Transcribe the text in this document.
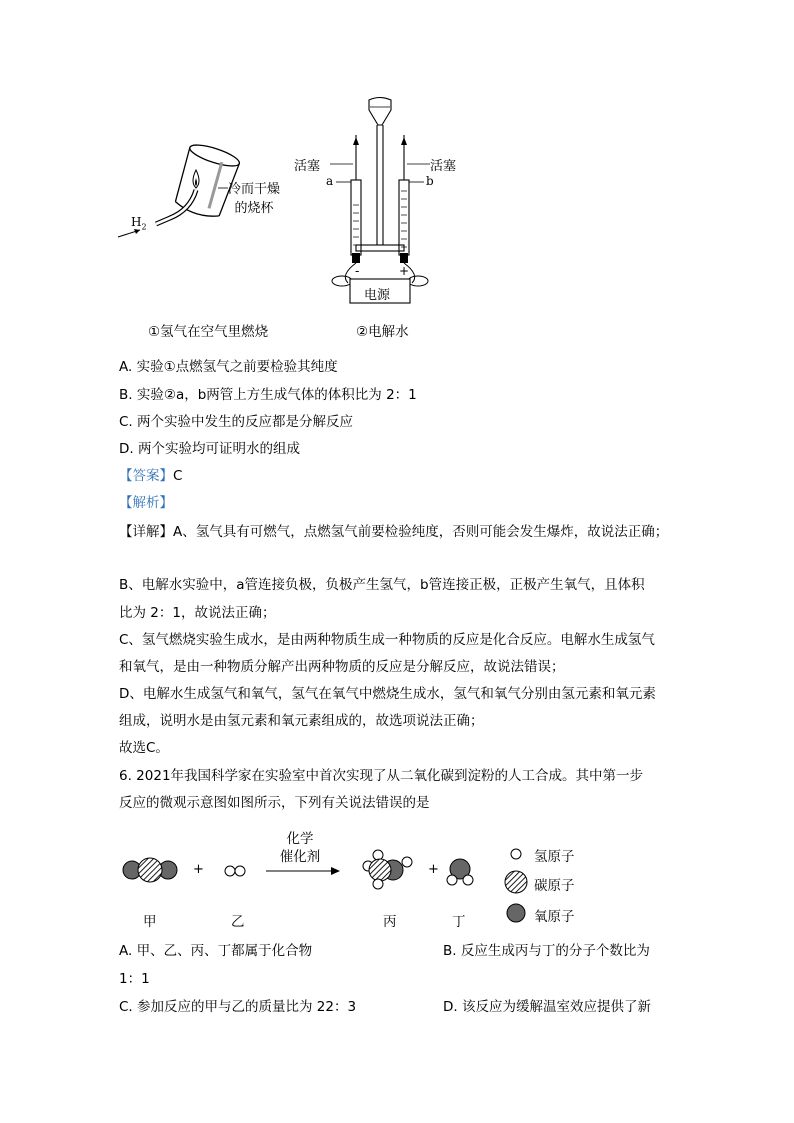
冷而干燥
的烧杯
$H_2$
①氢气在空气里燃烧
活塞	活塞
a	b
-	+
电源
②电解水
A. 实验①点燃氢气之前要检验其纯度
B. 实验②a，b两管上方生成气体的体积比为 2：1
C. 两个实验中发生的反应都是分解反应
D. 两个实验均可证明水的组成
【答案】C
【解析】
【详解】A、氢气具有可燃气，点燃氢气前要检验纯度，否则可能会发生爆炸，故说法正确；
B、电解水实验中，a管连接负极，负极产生氢气，b管连接正极，正极产生氧气，且体积
比为 2：1，故说法正确；
C、氢气燃烧实验生成水，是由两种物质生成一种物质的反应是化合反应。电解水生成氢气
和氧气，是由一种物质分解产出两种物质的反应是分解反应，故说法错误；
D、电解水生成氢气和氧气，氢气在氧气中燃烧生成水，氢气和氧气分别由氢元素和氧元素
组成，说明水是由氢元素和氧元素组成的，故选项说法正确；
故选C。
6. 2021年我国科学家在实验室中首次实现了从二氧化碳到淀粉的人工合成。其中第一步
反应的微观示意图如图所示，下列有关说法错误的是
+	+
化学
催化剂
甲	乙	丙	丁
氢原子
碳原子
氧原子
A. 甲、乙、丙、丁都属于化合物	B. 反应生成丙与丁的分子个数比为
1：1
C. 参加反应的甲与乙的质量比为 22：3	D. 该反应为缓解温室效应提供了新
